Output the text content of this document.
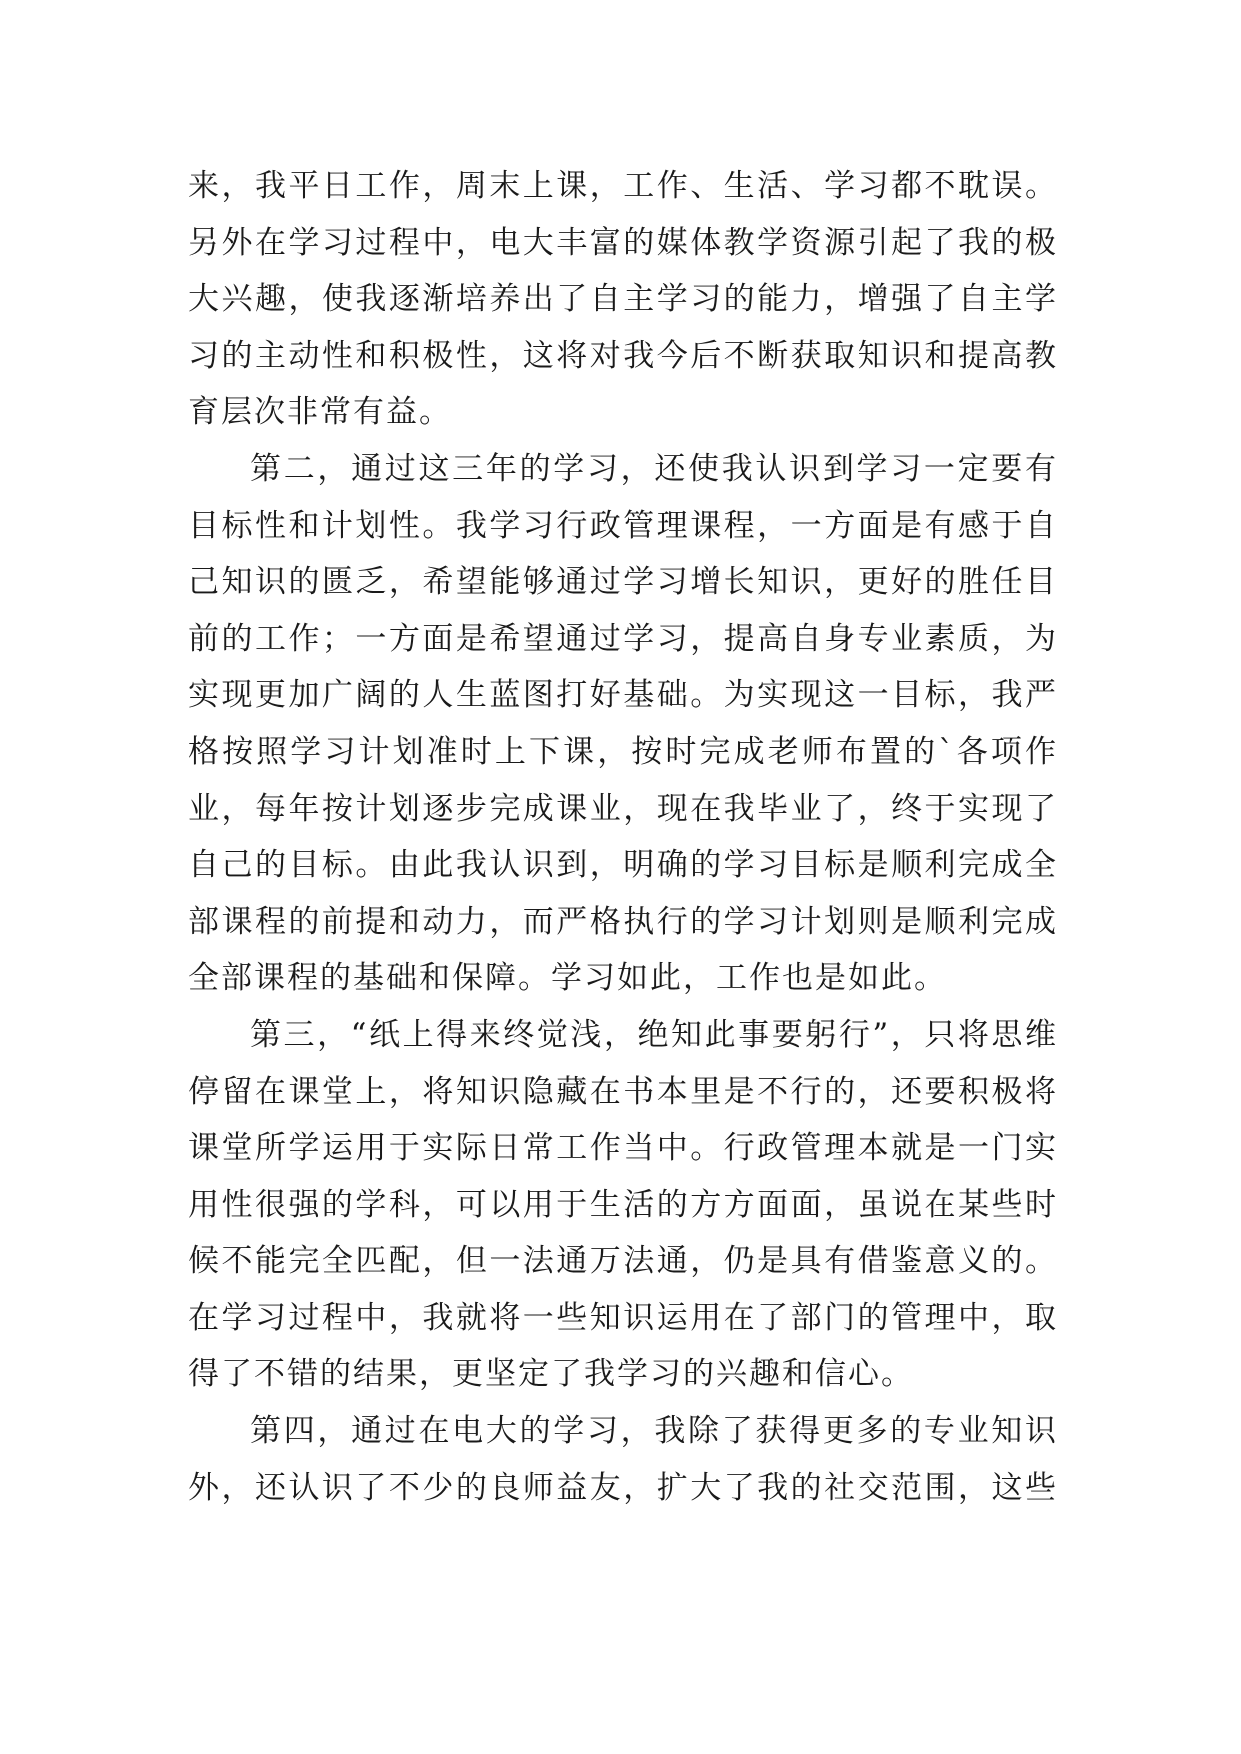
来，我平日工作，周末上课，工作、生活、学习都不耽误。
另外在学习过程中，电大丰富的媒体教学资源引起了我的极
大兴趣，使我逐渐培养出了自主学习的能力，增强了自主学
习的主动性和积极性，这将对我今后不断获取知识和提高教
育层次非常有益。
第二，通过这三年的学习，还使我认识到学习一定要有
目标性和计划性。我学习行政管理课程，一方面是有感于自
己知识的匮乏，希望能够通过学习增长知识，更好的胜任目
前的工作；一方面是希望通过学习，提高自身专业素质，为
实现更加广阔的人生蓝图打好基础。为实现这一目标，我严
格按照学习计划准时上下课，按时完成老师布置的`各项作
业，每年按计划逐步完成课业，现在我毕业了，终于实现了
自己的目标。由此我认识到，明确的学习目标是顺利完成全
部课程的前提和动力，而严格执行的学习计划则是顺利完成
全部课程的基础和保障。学习如此，工作也是如此。
第三，“纸上得来终觉浅，绝知此事要躬行”，只将思维
停留在课堂上，将知识隐藏在书本里是不行的，还要积极将
课堂所学运用于实际日常工作当中。行政管理本就是一门实
用性很强的学科，可以用于生活的方方面面，虽说在某些时
候不能完全匹配，但一法通万法通，仍是具有借鉴意义的。
在学习过程中，我就将一些知识运用在了部门的管理中，取
得了不错的结果，更坚定了我学习的兴趣和信心。
第四，通过在电大的学习，我除了获得更多的专业知识
外，还认识了不少的良师益友，扩大了我的社交范围，这些
